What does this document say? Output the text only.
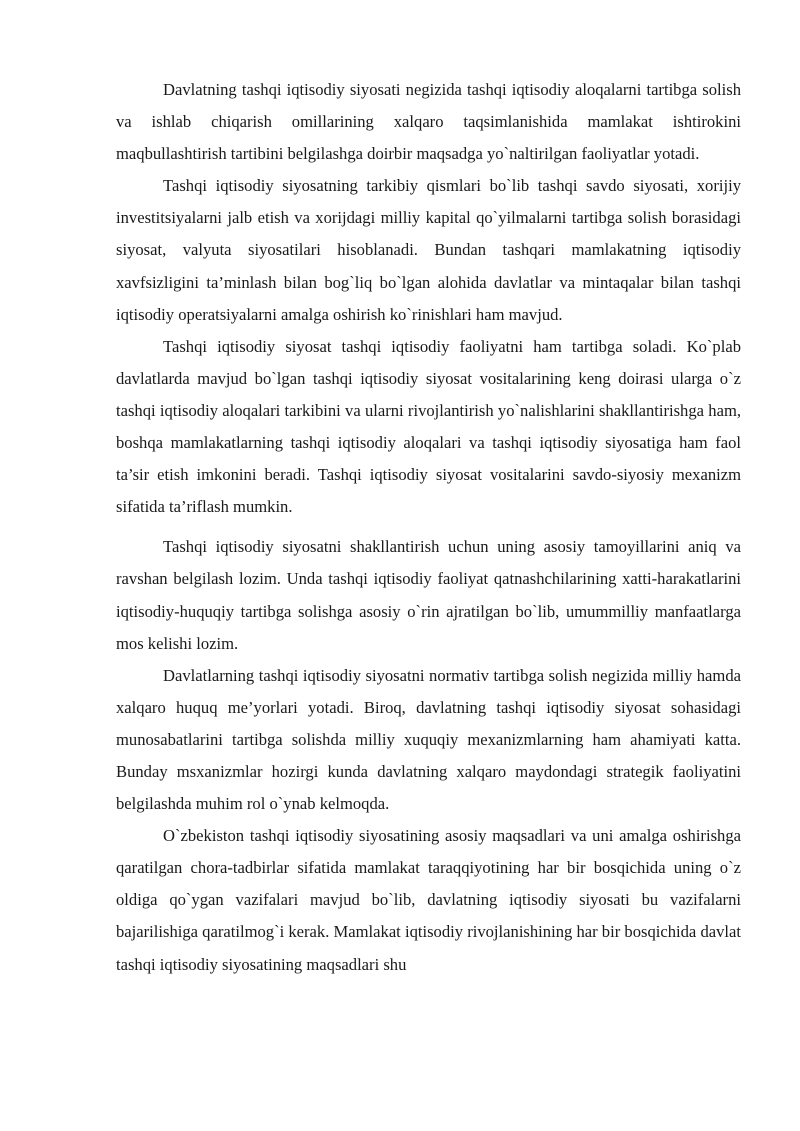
Davlatning tashqi iqtisodiy siyosati negizida tashqi iqtisodiy aloqalarni tartibga solish va ishlab chiqarish omillarining xalqaro taqsimlanishida mamlakat ishtirokini maqbullashtirish tartibini belgilashga doirbir maqsadga yo`naltirilgan faoliyatlar yotadi.

Tashqi iqtisodiy siyosatning tarkibiy qismlari bo`lib tashqi savdo siyosati, xorijiy investitsiyalarni jalb etish va xorijdagi milliy kapital qo`yilmalarni tartibga solish borasidagi siyosat, valyuta siyosatilari hisoblanadi. Bundan tashqari mamlakatning iqtisodiy xavfsizligini ta’minlash bilan bog`liq bo`lgan alohida davlatlar va mintaqalar bilan tashqi iqtisodiy operatsiyalarni amalga oshirish ko`rinishlari ham mavjud.

Tashqi iqtisodiy siyosat tashqi iqtisodiy faoliyatni ham tartibga soladi. Ko`plab davlatlarda mavjud bo`lgan tashqi iqtisodiy siyosat vositalarining keng doirasi ularga o`z tashqi iqtisodiy aloqalari tarkibini va ularni rivojlantirish yo`nalishlarini shakllantirishga ham, boshqa mamlakatlarning tashqi iqtisodiy aloqalari va tashqi iqtisodiy siyosatiga ham faol ta’sir etish imkonini beradi. Tashqi iqtisodiy siyosat vositalarini savdo-siyosiy mexanizm sifatida ta’riflash mumkin.

Tashqi iqtisodiy siyosatni shakllantirish uchun uning asosiy tamoyillarini aniq va ravshan belgilash lozim. Unda tashqi iqtisodiy faoliyat qatnashchilarining xatti-harakatlarini iqtisodiy-huquqiy tartibga solishga asosiy o`rin ajratilgan bo`lib, umummilliy manfaatlarga mos kelishi lozim.

Davlatlarning tashqi iqtisodiy siyosatni normativ tartibga solish negizida milliy hamda xalqaro huquq me’yorlari yotadi. Biroq, davlatning tashqi iqtisodiy siyosat sohasidagi munosabatlarini tartibga solishda milliy xuquqiy mexanizmlarning ham ahamiyati katta. Bunday msxanizmlar hozirgi kunda davlatning xalqaro maydondagi strategik faoliyatini belgilashda muhim rol o`ynab kelmoqda.

O`zbekiston tashqi iqtisodiy siyosatining asosiy maqsadlari va uni amalga oshirishga qaratilgan chora-tadbirlar sifatida mamlakat taraqqiyotining har bir bosqichida uning o`z oldiga qo`ygan vazifalari mavjud bo`lib, davlatning iqtisodiy siyosati bu vazifalarni bajarilishiga qaratilmog`i kerak. Mamlakat iqtisodiy rivojlanishining har bir bosqichida davlat tashqi iqtisodiy siyosatining maqsadlari shu
